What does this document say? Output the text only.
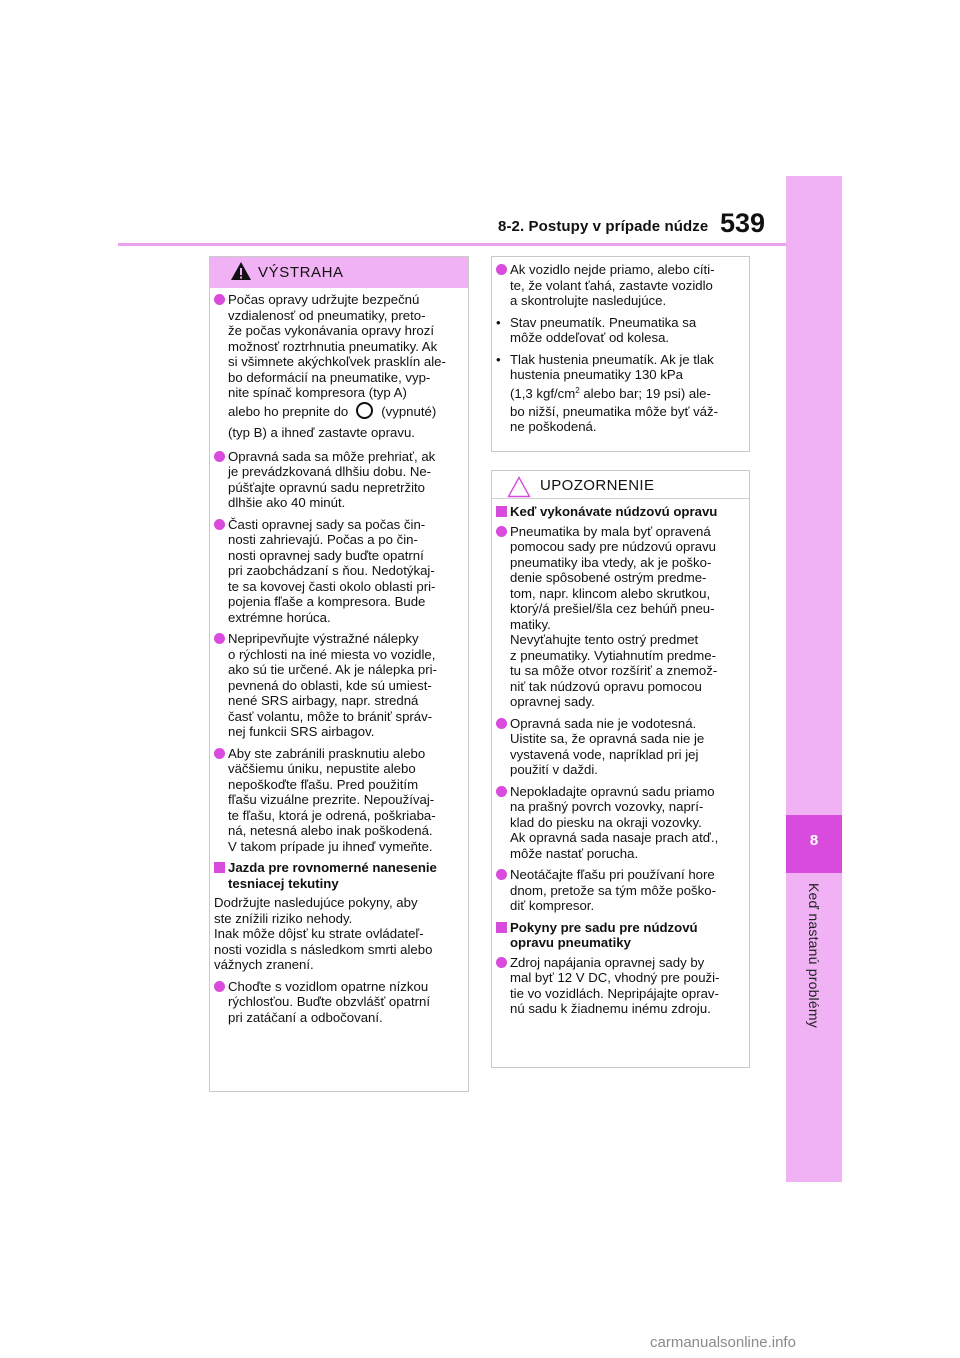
8-2. Postupy v prípade núdze 539
8
Keď nastanú problémy
VÝSTRAHA
UPOZORNENIE
Počas opravy udržujte bezpečnú
vzdialenosť od pneumatiky, preto-
že počas vykonávania opravy hrozí
možnosť roztrhnutia pneumatiky. Ak
si všimnete akýchkoľvek prasklín ale-
bo deformácií na pneumatike, vyp-
nite spínač kompresora (typ A)
alebo ho prepnite do	(vypnuté)
(typ B) a ihneď zastavte opravu.
Opravná sada sa môže prehriať, ak
je prevádzkovaná dlhšiu dobu. Ne-
púšťajte opravnú sadu nepretržito
dlhšie ako 40 minút.
Časti opravnej sady sa počas čin-
nosti zahrievajú. Počas a po čin-
nosti opravnej sady buďte opatrní
pri zaobchádzaní s ňou. Nedotýkaj-
te sa kovovej časti okolo oblasti pri-
pojenia fľaše a kompresora. Bude
extrémne horúca.
Nepripevňujte výstražné nálepky
o rýchlosti na iné miesta vo vozidle,
ako sú tie určené. Ak je nálepka pri-
pevnená do oblasti, kde sú umiest-
nené SRS airbagy, napr. stredná
časť volantu, môže to brániť správ-
nej funkcii SRS airbagov.
Aby ste zabránili prasknutiu alebo
väčšiemu úniku, nepustite alebo
nepoškoďte fľašu. Pred použitím
fľašu vizuálne prezrite. Nepoužívaj-
te fľašu, ktorá je odrená, poškriaba-
ná, netesná alebo inak poškodená.
V takom prípade ju ihneď vymeňte.
Jazda pre rovnomerné nanesenie
tesniacej tekutiny
Dodržujte nasledujúce pokyny, aby
ste znížili riziko nehody.
Inak môže dôjsť ku strate ovládateľ-
nosti vozidla s následkom smrti alebo
vážnych zranení.
Choďte s vozidlom opatrne nízkou
rýchlosťou. Buďte obzvlášť opatrní
pri zatáčaní a odbočovaní.
Ak vozidlo nejde priamo, alebo cíti-
te, že volant ťahá, zastavte vozidlo
a skontrolujte nasledujúce.
• Stav pneumatík. Pneumatika sa
môže oddeľovať od kolesa.
• Tlak hustenia pneumatík. Ak je tlak
hustenia pneumatiky 130 kPa
(1,3 kgf/$cm^2$ alebo bar; 19 psi) ale-
bo nižší, pneumatika môže byť váž-
ne poškodená.
Keď vykonávate núdzovú opravu
Pneumatika by mala byť opravená
pomocou sady pre núdzovú opravu
pneumatiky iba vtedy, ak je poško-
denie spôsobené ostrým predme-
tom, napr. klincom alebo skrutkou,
ktorý/á prešiel/šla cez behúň pneu-
matiky.
Nevyťahujte tento ostrý predmet
z pneumatiky. Vytiahnutím predme-
tu sa môže otvor rozšíriť a znemož-
niť tak núdzovú opravu pomocou
opravnej sady.
Opravná sada nie je vodotesná.
Uistite sa, že opravná sada nie je
vystavená vode, napríklad pri jej
použití v daždi.
Nepokladajte opravnú sadu priamo
na prašný povrch vozovky, naprí-
klad do piesku na okraji vozovky.
Ak opravná sada nasaje prach atď.,
môže nastať porucha.
Neotáčajte fľašu pri používaní hore
dnom, pretože sa tým môže poško-
diť kompresor.
Pokyny pre sadu pre núdzovú
opravu pneumatiky
Zdroj napájania opravnej sady by
mal byť 12 V DC, vhodný pre použi-
tie vo vozidlách. Nepripájajte oprav-
nú sadu k žiadnemu inému zdroju.
carmanualsonline.info
